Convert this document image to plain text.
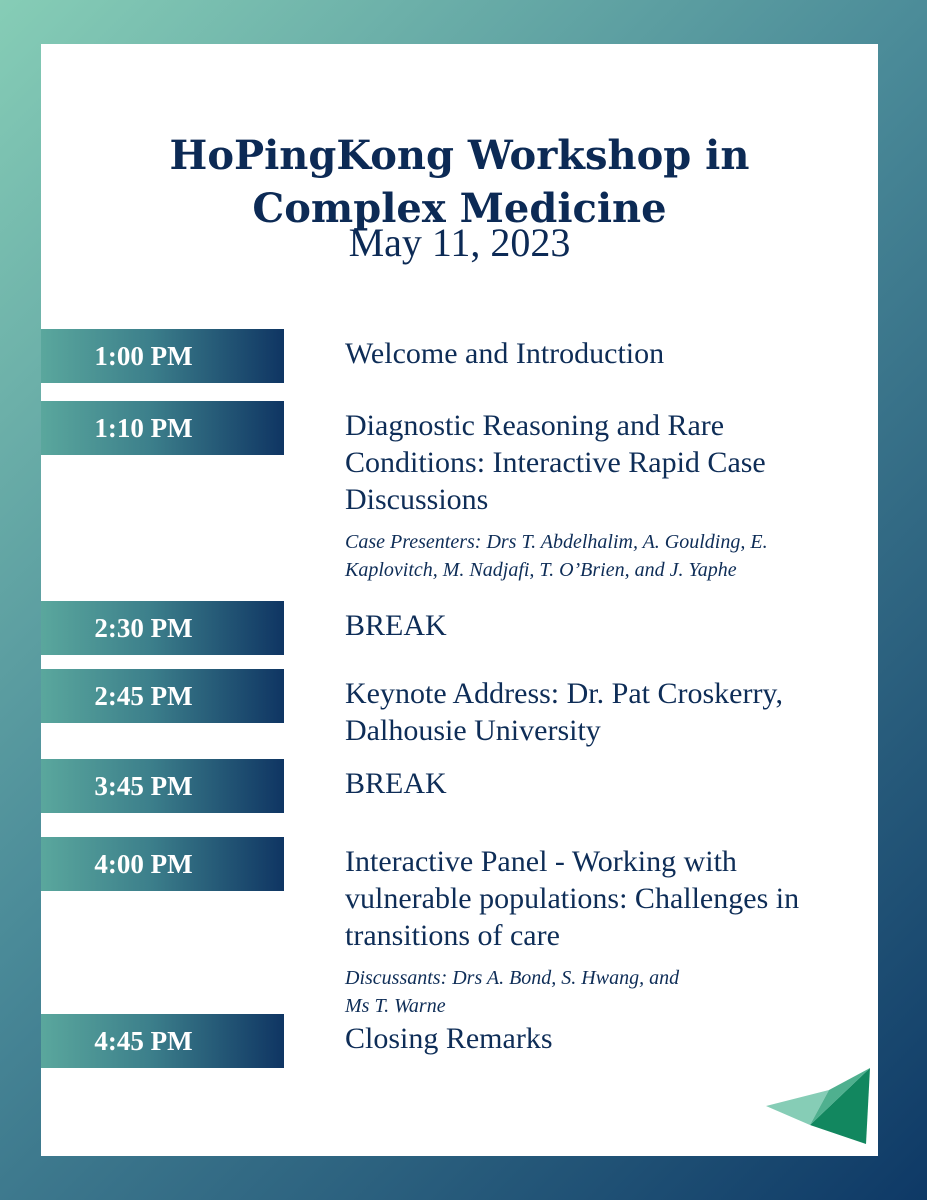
HoPingKong Workshop in
Complex Medicine
May 11, 2023
1:00 PM	Welcome and Introduction
1:10 PM	Diagnostic Reasoning and Rare Conditions: Interactive Rapid Case Discussions
Case Presenters: Drs T. Abdelhalim, A. Goulding, E.
Kaplovitch, M. Nadjafi, T. O’Brien, and J. Yaphe
2:30 PM	BREAK
2:45 PM	Keynote Address: Dr. Pat Croskerry, Dalhousie University
3:45 PM	BREAK
4:00 PM	Interactive Panel - Working with vulnerable populations: Challenges in transitions of care
Discussants: Drs A. Bond, S. Hwang, and
Ms T. Warne
4:45 PM	Closing Remarks
